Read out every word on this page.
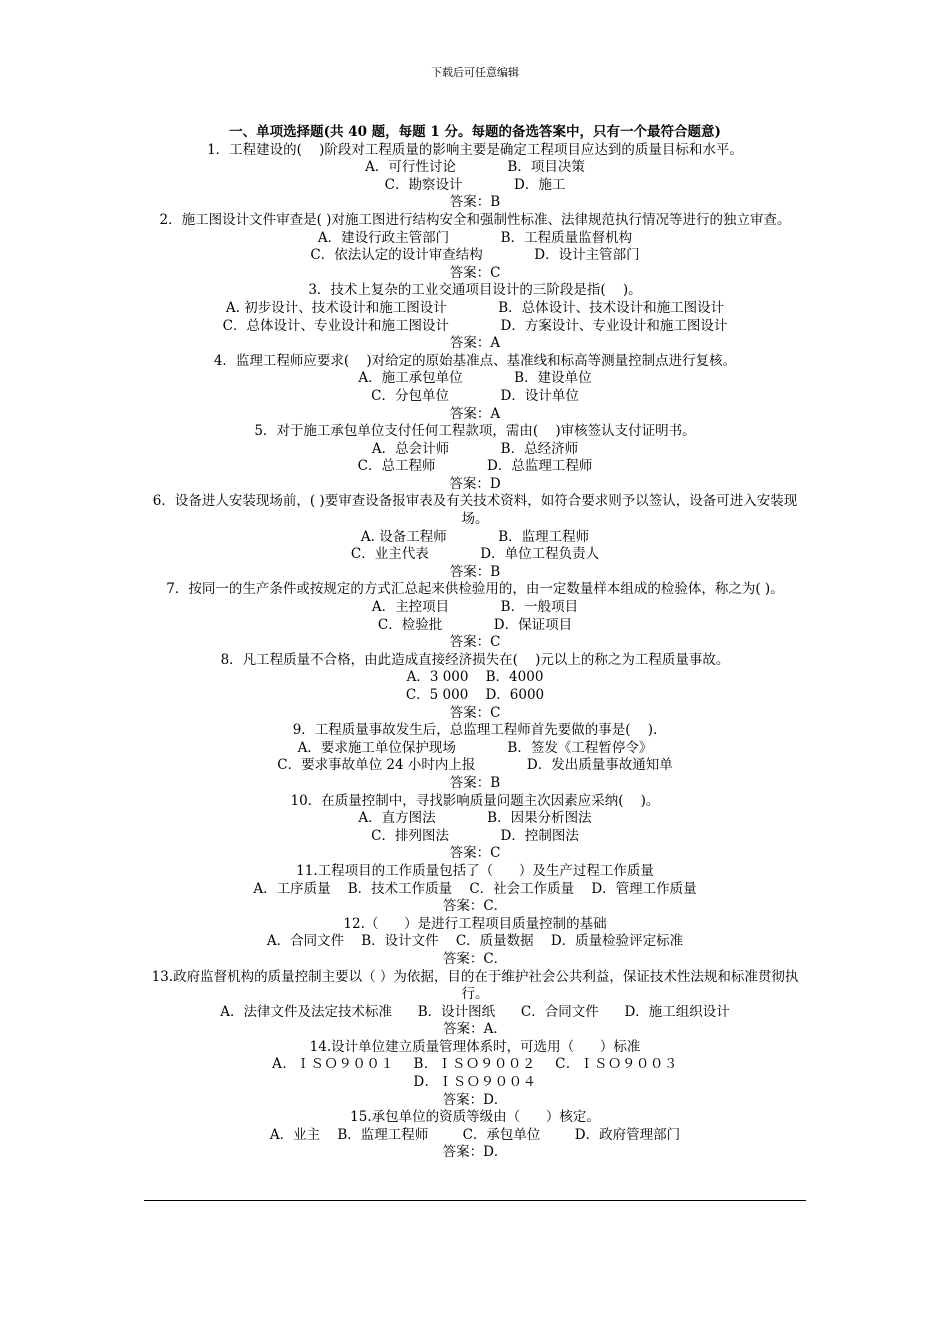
下载后可任意编辑
一、单项选择题(共 40 题，每题 1 分。每题的备选答案中，只有一个最符合题意)
1．工程建设的(    )阶段对工程质量的影响主要是确定工程项目应达到的质量目标和水平。
A．可行性讨论            B．项目决策
C．勘察设计            D．施工
答案：B
2．施工图设计文件审查是( )对施工图进行结构安全和强制性标准、法律规范执行情况等进行的独立审查。
A．建设行政主管部门            B．工程质量监督机构
C．依法认定的设计审查结构            D．设计主管部门
答案：C
3．技术上复杂的工业交通项目设计的三阶段是指(    )。
A. 初步设计、技术设计和施工图设计            B．总体设计、技术设计和施工图设计
C．总体设计、专业设计和施工图设计            D．方案设计、专业设计和施工图设计
答案：A
4．监理工程师应要求(    )对给定的原始基准点、基准线和标高等测量控制点进行复核。
A．施工承包单位            B．建设单位
C．分包单位            D．设计单位
答案：A
5．对于施工承包单位支付任何工程款项，需由(    )审核签认支付证明书。
A．总会计师            B．总经济师
C．总工程师            D．总监理工程师
答案：D
6．设备进人安装现场前，( )要审查设备报审表及有关技术资料，如符合要求则予以签认，设备可进入安装现场。
A. 设备工程师            B．监理工程师
C．业主代表            D．单位工程负责人
答案：B
7．按同一的生产条件或按规定的方式汇总起来供检验用的，由一定数量样本组成的检验体，称之为( )。
A．主控项目            B．一般项目
C．检验批            D．保证项目
答案：C
8．凡工程质量不合格，由此造成直接经济损失在(    )元以上的称之为工程质量事故。
A．3 000    B．4000
C．5 000    D．6000
答案：C
9．工程质量事故发生后，总监理工程师首先要做的事是(    ).
A．要求施工单位保护现场            B．签发《工程暂停令》
C．要求事故单位 24 小时内上报            D．发出质量事故通知单
答案：B
10．在质量控制中，寻找影响质量问题主次因素应采纳(    )。
A．直方图法            B．因果分析图法
C．排列图法            D．控制图法
答案：C
11.工程项目的工作质量包括了（      ）及生产过程工作质量
A．工序质量    B．技术工作质量    C．社会工作质量    D．管理工作质量
答案：C．
12.（      ）是进行工程项目质量控制的基础
A．合同文件    B．设计文件    C．质量数据    D．质量检验评定标准
答案：C．
13.政府监督机构的质量控制主要以（ ）为依据，目的在于维护社会公共利益，保证技术性法规和标准贯彻执行。
A．法律文件及法定技术标准      B．设计图纸      C．合同文件      D．施工组织设计
答案：A．
14.设计单位建立质量管理体系时，可选用（      ）标准
A．ＩＳＯ９００１    B．ＩＳＯ９００２    C．ＩＳＯ９００３
D．ＩＳＯ９００４
答案：D．
15.承包单位的资质等级由（      ）核定。
A．业主    B．监理工程师        C．承包单位        D．政府管理部门
答案：D．
